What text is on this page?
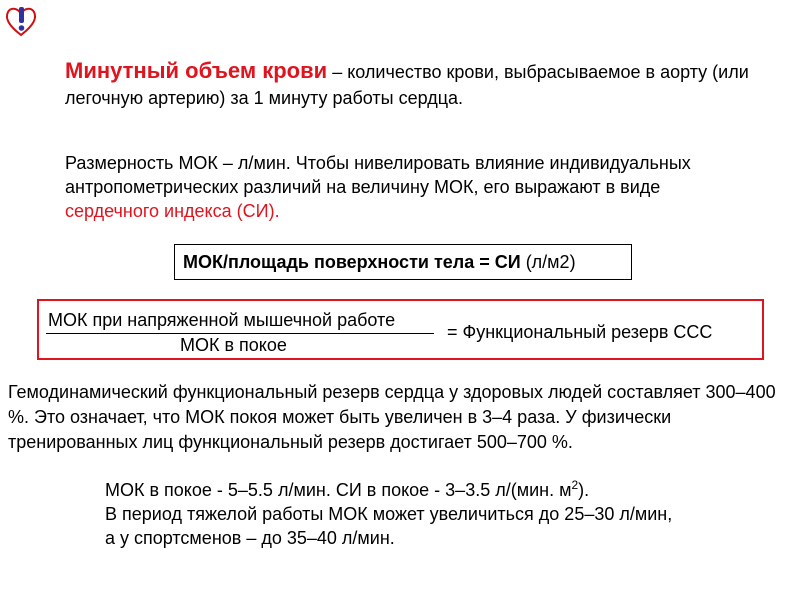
Минутный объем крови – количество крови, выбрасываемое в аорту (или легочную артерию) за 1 минуту работы сердца.
Размерность МОК – л/мин. Чтобы нивелировать влияние индивидуальных антропометрических различий на величину МОК, его выражают в виде сердечного индекса (СИ).
МОК/площадь поверхности тела = СИ (л/м2)
МОК при напряженной мышечной работе
МОК в покое
= Функциональный резерв ССС
Гемодинамический функциональный резерв сердца у здоровых людей составляет 300–400 %. Это означает, что МОК покоя может быть увеличен в 3–4 раза. У физически тренированных лиц функциональный резерв достигает 500–700 %.
МОК в покое - 5–5.5 л/мин. СИ в покое - 3–3.5 л/(мин. $м^2$).
В период тяжелой работы МОК может увеличиться до 25–30 л/мин,
а у спортсменов – до 35–40 л/мин.
